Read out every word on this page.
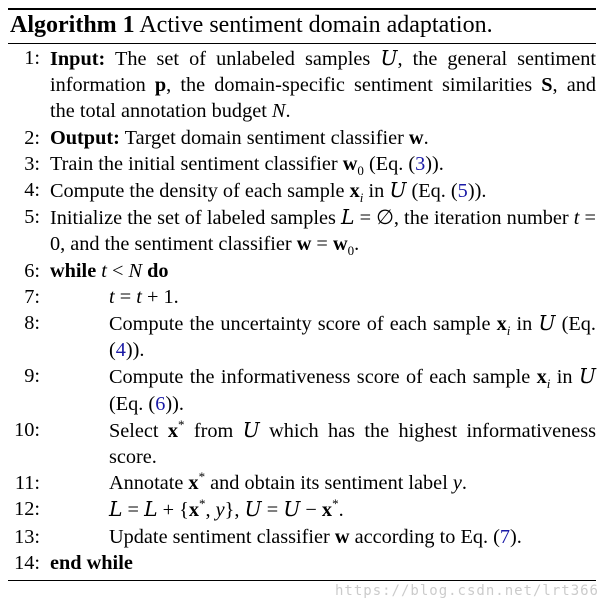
Algorithm 1 Active sentiment domain adaptation.
1: Input: The set of unlabeled samples U, the general sentiment information p, the domain-specific sentiment similarities S, and the total annotation budget N.
2: Output: Target domain sentiment classifier w.
3: Train the initial sentiment classifier $w_0$ (Eq. (3)).
4: Compute the density of each sample $x_i$ in U (Eq. (5)).
5: Initialize the set of labeled samples L = ∅, the iteration number t = 0, and the sentiment classifier $w = w_0$.
6: while t < N do
7:	t = t + 1.
8:	Compute the uncertainty score of each sample $x_i$ in U (Eq. (4)).
9:	Compute the informativeness score of each sample $x_i$ in U (Eq. (6)).
10:	Select x* from U which has the highest informativeness score.
11:	Annotate x* and obtain its sentiment label y.
12:	L = L + {x*, y}, U = U − x*.
13:	Update sentiment classifier w according to Eq. (7).
14: end while
https://blog.csdn.net/lrt366
